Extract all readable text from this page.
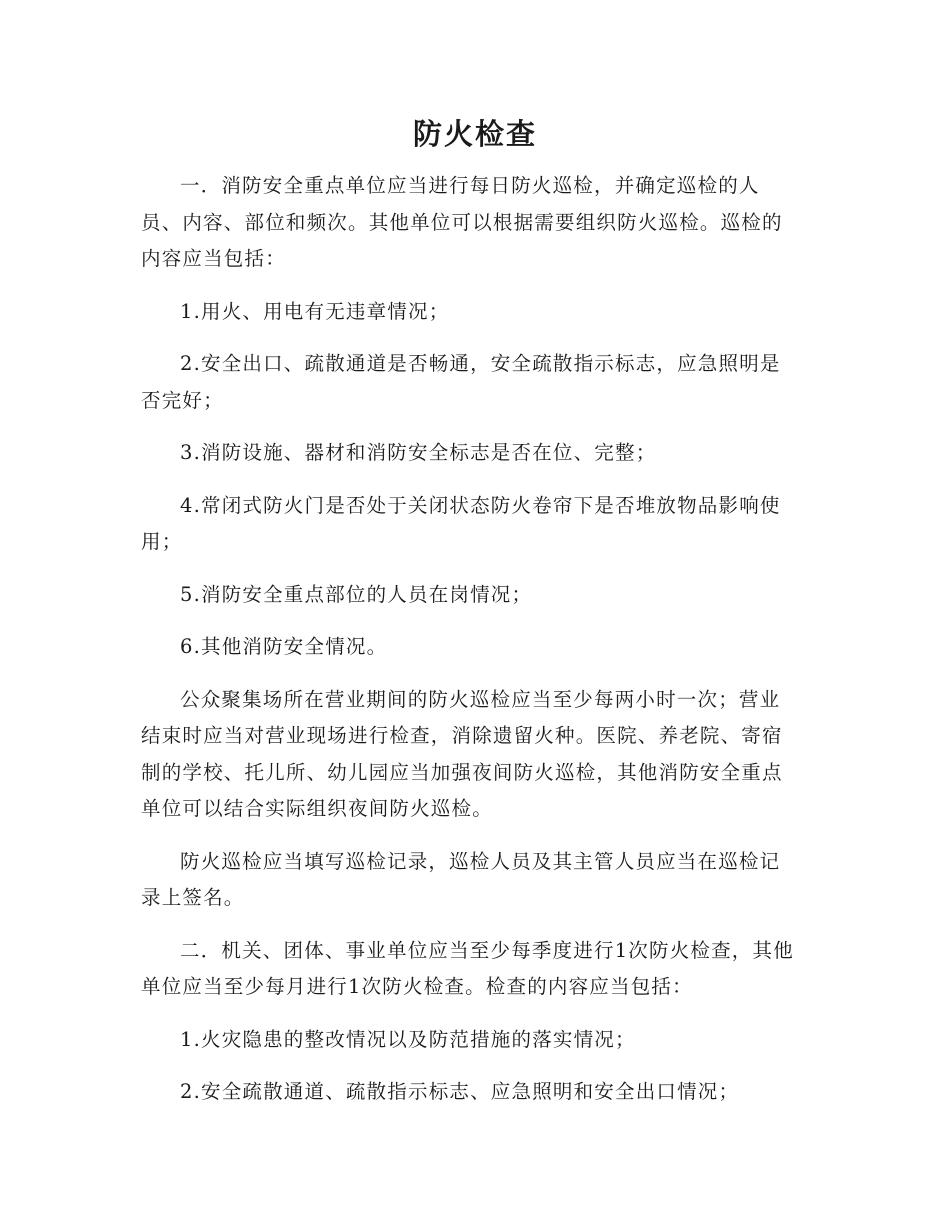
防火检查

一．消防安全重点单位应当进行每日防火巡检，并确定巡检的人员、内容、部位和频次。其他单位可以根据需要组织防火巡检。巡检的内容应当包括：

1.用火、用电有无违章情况；

2.安全出口、疏散通道是否畅通，安全疏散指示标志，应急照明是否完好；

3.消防设施、器材和消防安全标志是否在位、完整；

4.常闭式防火门是否处于关闭状态防火卷帘下是否堆放物品影响使用；

5.消防安全重点部位的人员在岗情况；

6.其他消防安全情况。

公众聚集场所在营业期间的防火巡检应当至少每两小时一次；营业结束时应当对营业现场进行检查，消除遗留火种。医院、养老院、寄宿制的学校、托儿所、幼儿园应当加强夜间防火巡检，其他消防安全重点单位可以结合实际组织夜间防火巡检。

防火巡检应当填写巡检记录，巡检人员及其主管人员应当在巡检记录上签名。

二．机关、团体、事业单位应当至少每季度进行1次防火检查，其他单位应当至少每月进行1次防火检查。检查的内容应当包括：

1.火灾隐患的整改情况以及防范措施的落实情况；

2.安全疏散通道、疏散指示标志、应急照明和安全出口情况；
